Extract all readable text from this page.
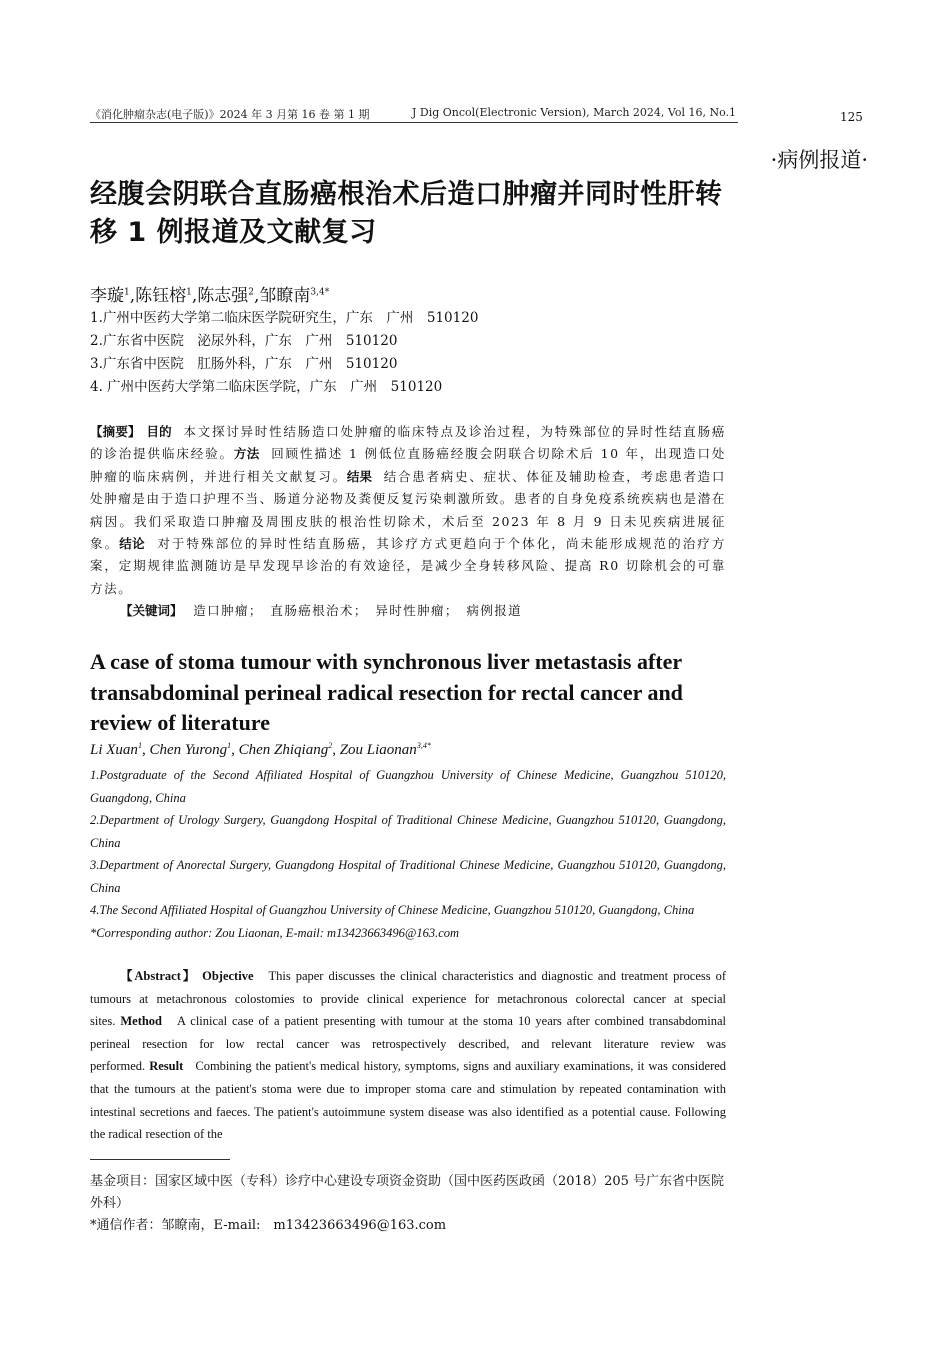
《消化肿瘤杂志(电子版)》2024 年 3 月第 16 卷 第 1 期	J Dig Oncol(Electronic Version), March 2024, Vol 16, No.1	125
·病例报道·
经腹会阴联合直肠癌根治术后造口肿瘤并同时性肝转移 1 例报道及文献复习
李璇$^1$,陈钰榕$^1$,陈志强$^2$,邹瞭南$^{3,4*}$
1.广州中医药大学第二临床医学院研究生，广东　广州　510120
2.广东省中医院　泌尿外科，广东　广州　510120
3.广东省中医院　肛肠外科，广东　广州　510120
4. 广州中医药大学第二临床医学院，广东　广州　510120
【摘要】 目的 本文探讨异时性结肠造口处肿瘤的临床特点及诊治过程，为特殊部位的异时性结直肠癌的诊治提供临床经验。方法 回顾性描述 1 例低位直肠癌经腹会阴联合切除术后 10 年，出现造口处肿瘤的临床病例，并进行相关文献复习。结果 结合患者病史、症状、体征及辅助检查，考虑患者造口处肿瘤是由于造口护理不当、肠道分泌物及粪便反复污染刺激所致。患者的自身免疫系统疾病也是潜在病因。我们采取造口肿瘤及周围皮肤的根治性切除术，术后至 2023 年 8 月 9 日未见疾病进展征象。结论 对于特殊部位的异时性结直肠癌，其诊疗方式更趋向于个体化，尚未能形成规范的治疗方案，定期规律监测随访是早发现早诊治的有效途径，是减少全身转移风险、提高 R0 切除机会的可靠方法。
【关键词】 造口肿瘤；　直肠癌根治术；　异时性肿瘤；　病例报道
A case of stoma tumour with synchronous liver metastasis after transabdominal perineal radical resection for rectal cancer and review of literature
Li Xuan$^1$, Chen Yurong$^1$, Chen Zhiqiang$^2$, Zou Liaonan$^{3,4*}$
1.Postgraduate of the Second Affiliated Hospital of Guangzhou University of Chinese Medicine, Guangzhou 510120, Guangdong, China
2.Department of Urology Surgery, Guangdong Hospital of Traditional Chinese Medicine, Guangzhou 510120, Guangdong, China
3.Department of Anorectal Surgery, Guangdong Hospital of Traditional Chinese Medicine, Guangzhou 510120, Guangdong, China
4.The Second Affiliated Hospital of Guangzhou University of Chinese Medicine, Guangzhou 510120, Guangdong, China
*Corresponding author: Zou Liaonan, E-mail: m13423663496@163.com
【Abstract】 Objective This paper discusses the clinical characteristics and diagnostic and treatment process of tumours at metachronous colostomies to provide clinical experience for metachronous colorectal cancer at special sites. Method A clinical case of a patient presenting with tumour at the stoma 10 years after combined transabdominal perineal resection for low rectal cancer was retrospectively described, and relevant literature review was performed. Result Combining the patient's medical history, symptoms, signs and auxiliary examinations, it was considered that the tumours at the patient's stoma were due to improper stoma care and stimulation by repeated contamination with intestinal secretions and faeces. The patient's autoimmune system disease was also identified as a potential cause. Following the radical resection of the
基金项目：国家区域中医（专科）诊疗中心建设专项资金资助（国中医药医政函（2018）205 号广东省中医院外科）
*通信作者：邹瞭南，E-mail:　m13423663496@163.com
